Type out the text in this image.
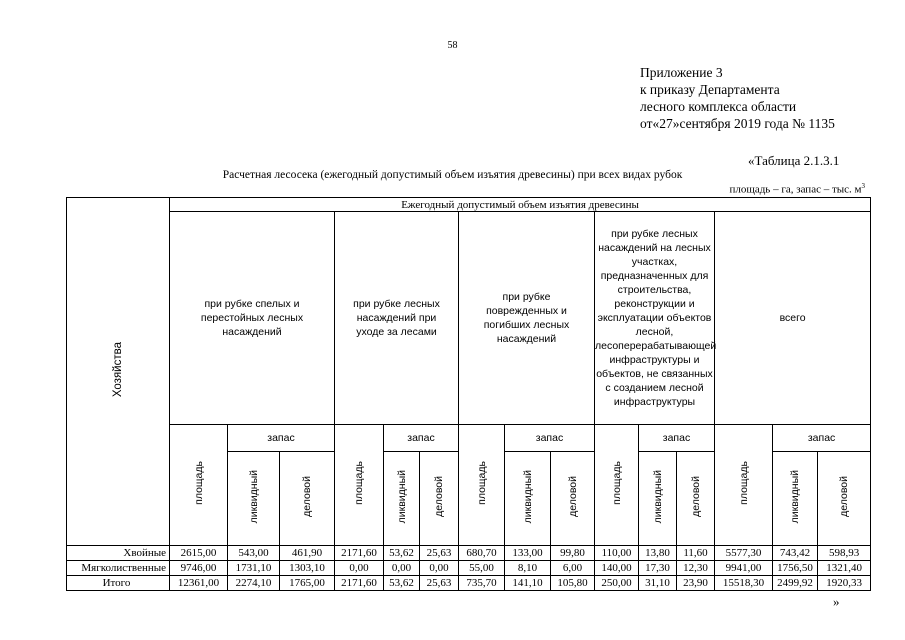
58
Приложение 3
к приказу Департамента
лесного комплекса области
от«27»сентября 2019 года № 1135
«Таблица 2.1.3.1
Расчетная лесосека (ежегодный допустимый объем изъятия древесины) при всех видах рубок
площадь – га, запас – тыс. $м^3$
Хозяйства	Ежегодный допустимый объем изъятия древесины														
	при рубке спелых и перестойных лесных насаждений			при рубке лесных насаждений при уходе за лесами			при рубке поврежденных и погибших лесных насаждений			при рубке лесных насаждений на лесных участках, предназначенных для строительства, реконструкции и эксплуатации объектов лесной, лесоперерабатывающей инфраструктуры и объектов, не связанных с созданием лесной инфраструктуры			всего		
	площадь	запас		площадь	запас		площадь	запас		площадь	запас		площадь	запас	
		ликвидный	деловой		ликвидный	деловой		ликвидный	деловой		ликвидный	деловой		ликвидный	деловой
Хвойные	2615,00	543,00	461,90	2171,60	53,62	25,63	680,70	133,00	99,80	110,00	13,80	11,60	5577,30	743,42	598,93
Мягколиственные	9746,00	1731,10	1303,10	0,00	0,00	0,00	55,00	8,10	6,00	140,00	17,30	12,30	9941,00	1756,50	1321,40
Итого	12361,00	2274,10	1765,00	2171,60	53,62	25,63	735,70	141,10	105,80	250,00	31,10	23,90	15518,30	2499,92	1920,33
»
